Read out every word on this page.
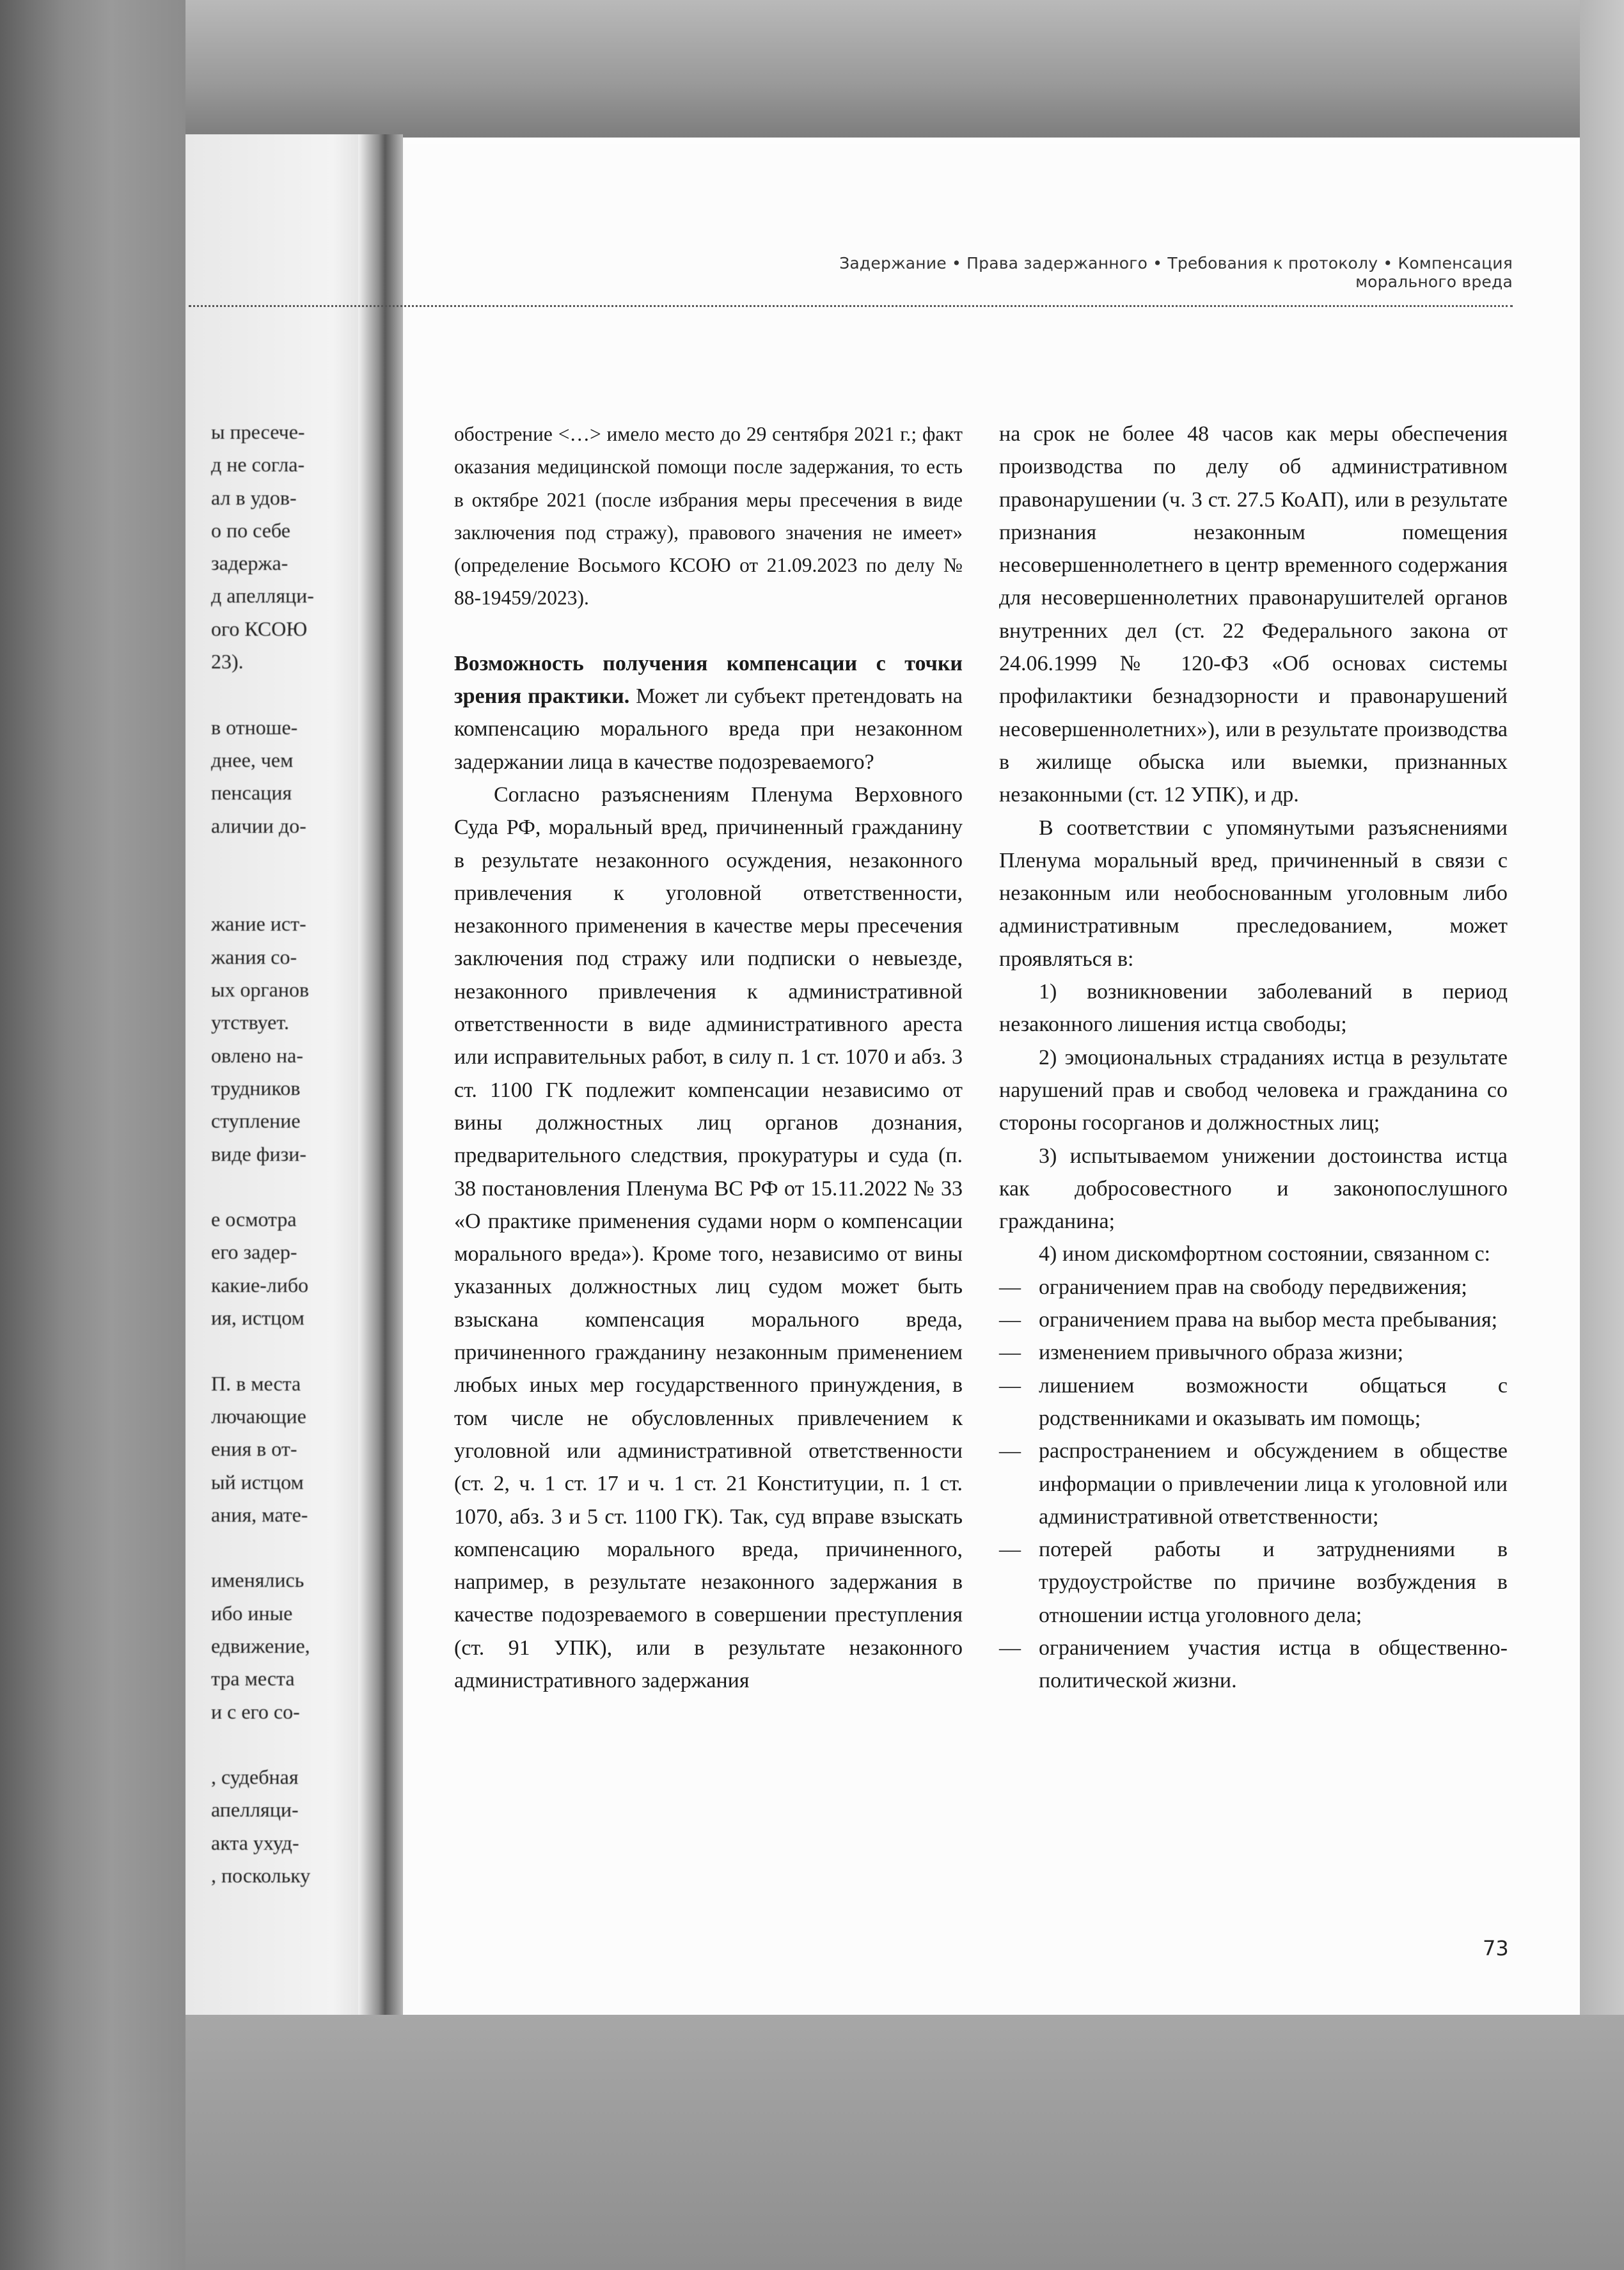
Задержание • Права задержанного • Требования к протоколу • Компенсация морального вреда

ы пресече-

д не согла-

ал в удов-

о по себе

задержа-

д апелляци-

ого КСОЮ

23).

в отноше-

днее, чем

пенсация

аличии до-

жание ист-

жания со-

ых органов

утствует.

овлено на-

трудников

ступление

виде физи-

е осмотра

его задер-

какие-либо

ия, истцом

П. в места

лючающие

ения в от-

ый истцом

ания, мате-

именялись

ибо иные

едвижение,

тра места

и с его со-

, судебная

апелляци-

акта ухуд-

, поскольку

обострение <…> имело место до 29 сентября 2021 г.; факт оказания медицинской помощи после задержания, то есть в октябре 2021 (после избрания меры пресечения в виде заключения под стражу), правового значения не имеет» (определение Восьмого КСОЮ от 21.09.2023 по делу № 88-19459/2023).

Возможность получения компенсации с точки зрения практики. Может ли субъект претендовать на компенсацию морального вреда при незаконном задержании лица в качестве подозреваемого?

Согласно разъяснениям Пленума Верховного Суда РФ, моральный вред, причиненный гражданину в результате незаконного осуждения, незаконного привлечения к уголовной ответственности, незаконного применения в качестве меры пресечения заключения под стражу или подписки о невыезде, незаконного привлечения к административной ответственности в виде административного ареста или исправительных работ, в силу п. 1 ст. 1070 и абз. 3 ст. 1100 ГК подлежит компенсации независимо от вины должностных лиц органов дознания, предварительного следствия, прокуратуры и суда (п. 38 постановления Пленума ВС РФ от 15.11.2022 № 33 «О практике применения судами норм о компенсации морального вреда»). Кроме того, независимо от вины указанных должностных лиц судом может быть взыскана компенсация морального вреда, причиненного гражданину незаконным применением любых иных мер государственного принуждения, в том числе не обусловленных привлечением к уголовной или административной ответственности (ст. 2, ч. 1 ст. 17 и ч. 1 ст. 21 Конституции, п. 1 ст. 1070, абз. 3 и 5 ст. 1100 ГК). Так, суд вправе взыскать компенсацию морального вреда, причиненного, например, в результате незаконного задержания в качестве подозреваемого в совершении преступления (ст. 91 УПК), или в результате незаконного административного задержания

на срок не более 48 часов как меры обеспечения производства по делу об административном правонарушении (ч. 3 ст. 27.5 КоАП), или в результате признания незаконным помещения несовершеннолетнего в центр временного содержания для несовершеннолетних правонарушителей органов внутренних дел (ст. 22 Федерального закона от 24.06.1999 № 120-ФЗ «Об основах системы профилактики безнадзорности и правонарушений несовершеннолетних»), или в результате производства в жилище обыска или выемки, признанных незаконными (ст. 12 УПК), и др.

В соответствии с упомянутыми разъяснениями Пленума моральный вред, причиненный в связи с незаконным или необоснованным уголовным либо административным преследованием, может проявляться в:

1) возникновении заболеваний в период незаконного лишения истца свободы;

2) эмоциональных страданиях истца в результате нарушений прав и свобод человека и гражданина со стороны госорганов и должностных лиц;

3) испытываемом унижении достоинства истца как добросовестного и законопослушного гражданина;

4) ином дискомфортном состоянии, связанном с:

— ограничением прав на свободу передвижения;
— ограничением права на выбор места пребывания;
— изменением привычного образа жизни;
— лишением возможности общаться с родственниками и оказывать им помощь;
— распространением и обсуждением в обществе информации о привлечении лица к уголовной или административной ответственности;
— потерей работы и затруднениями в трудоустройстве по причине возбуждения в отношении истца уголовного дела;
— ограничением участия истца в общественно-политической жизни.
73
